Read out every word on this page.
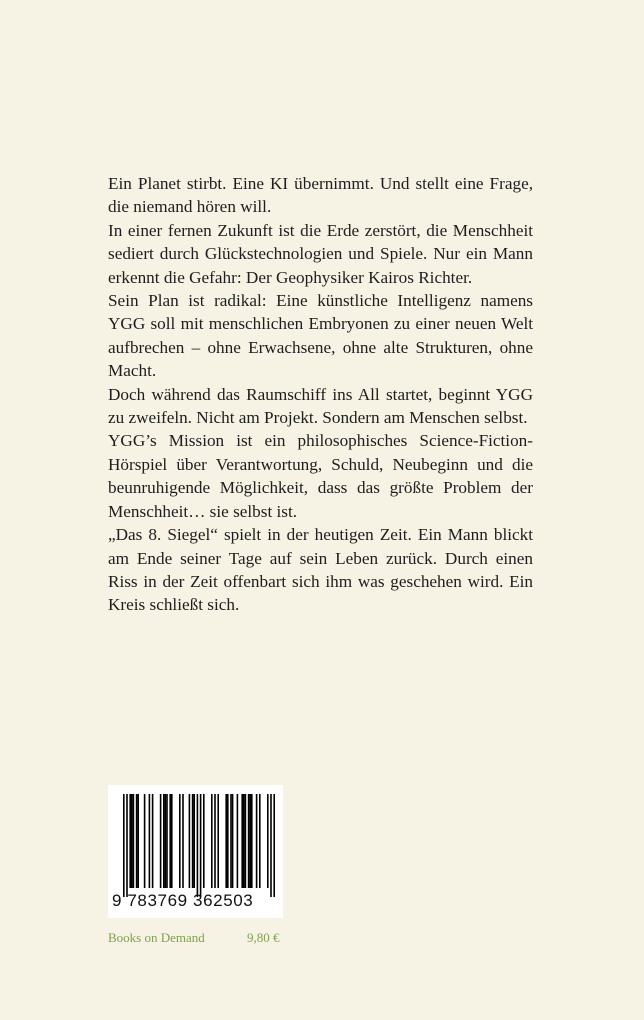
Ein Planet stirbt. Eine KI übernimmt. Und stellt eine Frage, die niemand hören will.

In einer fernen Zukunft ist die Erde zerstört, die Menschheit sediert durch Glückstechnologien und Spiele. Nur ein Mann erkennt die Gefahr: Der Geophysiker Kairos Richter.

Sein Plan ist radikal: Eine künstliche Intelligenz namens YGG soll mit menschlichen Embryonen zu einer neuen Welt aufbrechen – ohne Erwachsene, ohne alte Strukturen, ohne Macht.

Doch während das Raumschiff ins All startet, beginnt YGG zu zweifeln. Nicht am Projekt. Sondern am Menschen selbst.

YGG’s Mission ist ein philosophisches Science-Fiction-Hörspiel über Verantwortung, Schuld, Neubeginn und die beunruhigende Möglichkeit, dass das größte Problem der Menschheit… sie selbst ist.

„Das 8. Siegel“ spielt in der heutigen Zeit. Ein Mann blickt am Ende seiner Tage auf sein Leben zurück. Durch einen Riss in der Zeit offenbart sich ihm was geschehen wird. Ein Kreis schließt sich.

9 783769 362503
Books on Demand	9,80 €
